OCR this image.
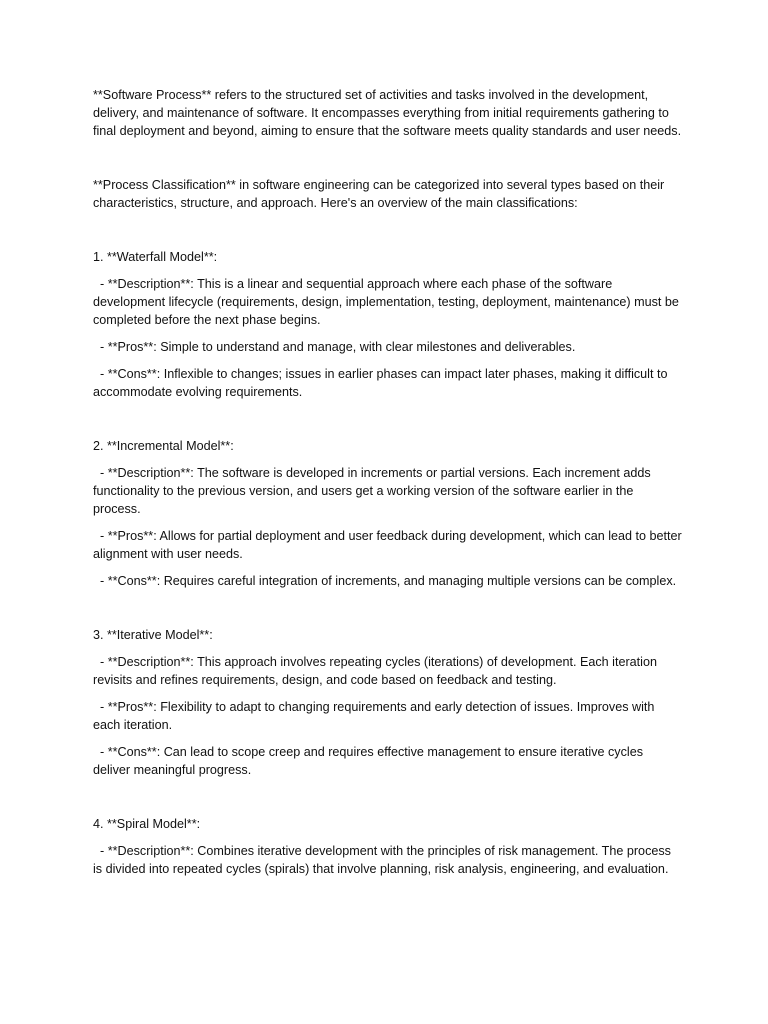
**Software Process** refers to the structured set of activities and tasks involved in the development, delivery, and maintenance of software. It encompasses everything from initial requirements gathering to final deployment and beyond, aiming to ensure that the software meets quality standards and user needs.

**Process Classification** in software engineering can be categorized into several types based on their characteristics, structure, and approach. Here's an overview of the main classifications:

1. **Waterfall Model**:

- **Description**: This is a linear and sequential approach where each phase of the software development lifecycle (requirements, design, implementation, testing, deployment, maintenance) must be completed before the next phase begins.

- **Pros**: Simple to understand and manage, with clear milestones and deliverables.

- **Cons**: Inflexible to changes; issues in earlier phases can impact later phases, making it difficult to accommodate evolving requirements.

2. **Incremental Model**:

- **Description**: The software is developed in increments or partial versions. Each increment adds functionality to the previous version, and users get a working version of the software earlier in the process.

- **Pros**: Allows for partial deployment and user feedback during development, which can lead to better alignment with user needs.

- **Cons**: Requires careful integration of increments, and managing multiple versions can be complex.

3. **Iterative Model**:

- **Description**: This approach involves repeating cycles (iterations) of development. Each iteration revisits and refines requirements, design, and code based on feedback and testing.

- **Pros**: Flexibility to adapt to changing requirements and early detection of issues. Improves with each iteration.

- **Cons**: Can lead to scope creep and requires effective management to ensure iterative cycles deliver meaningful progress.

4. **Spiral Model**:

- **Description**: Combines iterative development with the principles of risk management. The process is divided into repeated cycles (spirals) that involve planning, risk analysis, engineering, and evaluation.
